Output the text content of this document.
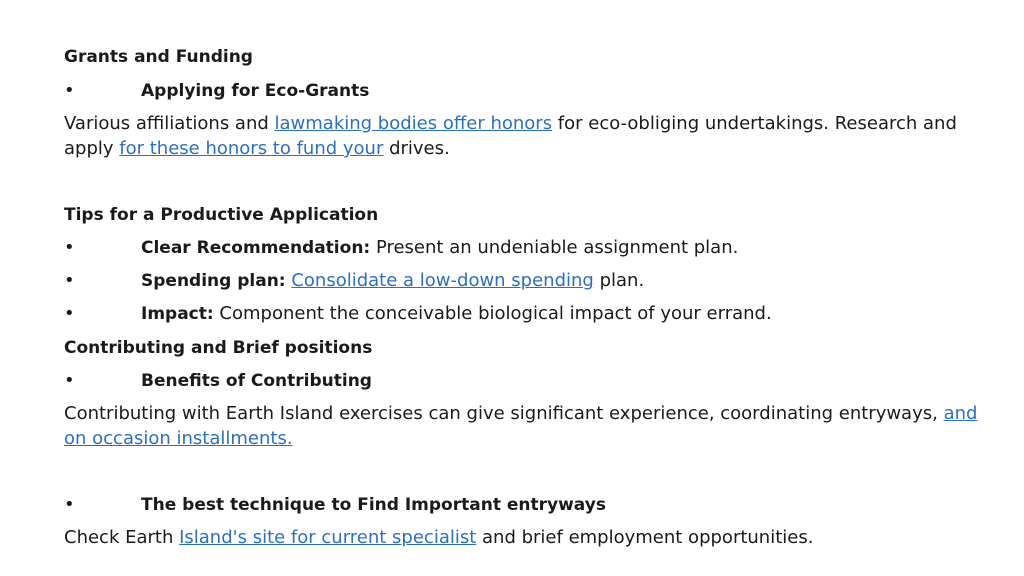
Grants and Funding
•	Applying for Eco-Grants
Various affiliations and lawmaking bodies offer honors for eco-obliging undertakings. Research and apply for these honors to fund your drives.
Tips for a Productive Application
•	Clear Recommendation: Present an undeniable assignment plan.
•	Spending plan: Consolidate a low-down spending plan.
•	Impact: Component the conceivable biological impact of your errand.
Contributing and Brief positions
•	Benefits of Contributing
Contributing with Earth Island exercises can give significant experience, coordinating entryways, and on occasion installments.
•	The best technique to Find Important entryways
Check Earth Island's site for current specialist and brief employment opportunities.
